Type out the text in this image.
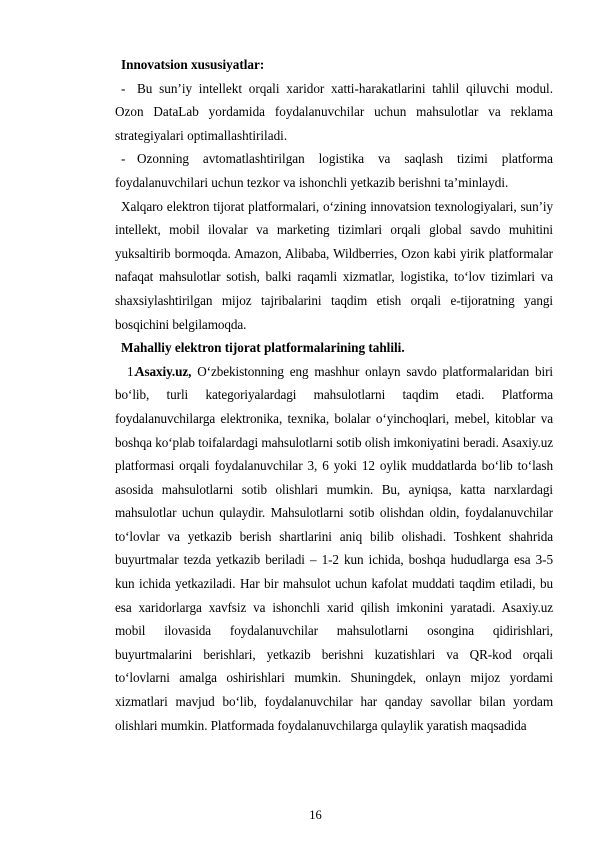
Innovatsion xususiyatlar:

- Bu sun’iy intellekt orqali xaridor xatti-harakatlarini tahlil qiluvchi modul. Ozon DataLab yordamida foydalanuvchilar uchun mahsulotlar va reklama strategiyalari optimallashtiriladi.

- Ozonning avtomatlashtirilgan logistika va saqlash tizimi platforma foydalanuvchilari uchun tezkor va ishonchli yetkazib berishni ta’minlaydi.

Xalqaro elektron tijorat platformalari, o‘zining innovatsion texnologiyalari, sun’iy intellekt, mobil ilovalar va marketing tizimlari orqali global savdo muhitini yuksaltirib bormoqda. Amazon, Alibaba, Wildberries, Ozon kabi yirik platformalar nafaqat mahsulotlar sotish, balki raqamli xizmatlar, logistika, to‘lov tizimlari va shaxsiylashtirilgan mijoz tajribalarini taqdim etish orqali e-tijoratning yangi bosqichini belgilamoqda.

Mahalliy elektron tijorat platformalarining tahlili.

1.Asaxiy.uz, O‘zbekistonning eng mashhur onlayn savdo platformalaridan biri bo‘lib, turli kategoriyalardagi mahsulotlarni taqdim etadi. Platforma foydalanuvchilarga elektronika, texnika, bolalar o‘yinchoqlari, mebel, kitoblar va boshqa ko‘plab toifalardagi mahsulotlarni sotib olish imkoniyatini beradi. Asaxiy.uz platformasi orqali foydalanuvchilar 3, 6 yoki 12 oylik muddatlarda bo‘lib to‘lash asosida mahsulotlarni sotib olishlari mumkin. Bu, ayniqsa, katta narxlardagi mahsulotlar uchun qulaydir. Mahsulotlarni sotib olishdan oldin, foydalanuvchilar to‘lovlar va yetkazib berish shartlarini aniq bilib olishadi. Toshkent shahrida buyurtmalar tezda yetkazib beriladi – 1-2 kun ichida, boshqa hududlarga esa 3-5 kun ichida yetkaziladi. Har bir mahsulot uchun kafolat muddati taqdim etiladi, bu esa xaridorlarga xavfsiz va ishonchli xarid qilish imkonini yaratadi. Asaxiy.uz mobil ilovasida foydalanuvchilar mahsulotlarni osongina qidirishlari, buyurtmalarini berishlari, yetkazib berishni kuzatishlari va QR-kod orqali to‘lovlarni amalga oshirishlari mumkin. Shuningdek, onlayn mijoz yordami xizmatlari mavjud bo‘lib, foydalanuvchilar har qanday savollar bilan yordam olishlari mumkin. Platformada foydalanuvchilarga qulaylik yaratish maqsadida

16
